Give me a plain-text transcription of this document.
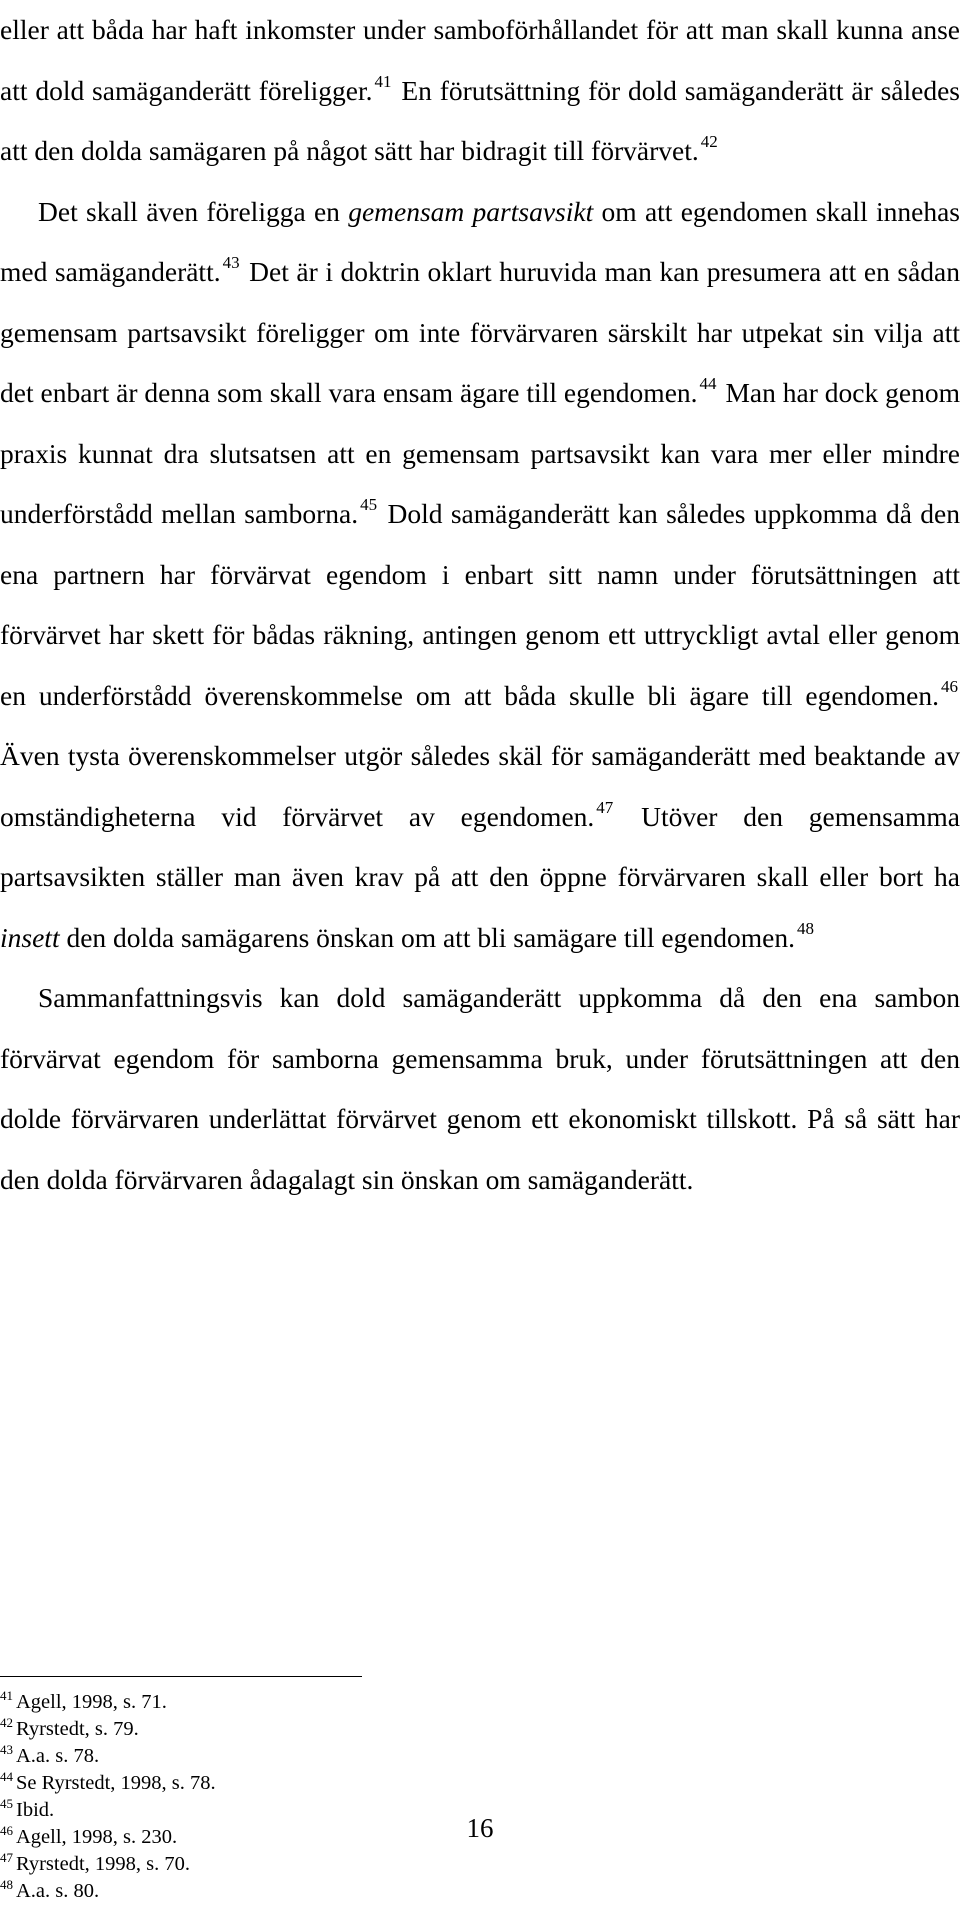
eller att båda har haft inkomster under samboförhållandet för att man skall kunna anse att dold samäganderätt föreligger. $^{41}$ En förutsättning för dold samäganderätt är således att den dolda samägaren på något sätt har bidragit till förvärvet. $^{42}$

Det skall även föreligga en gemensam partsavsikt om att egendomen skall innehas med samäganderätt. $^{43}$ Det är i doktrin oklart huruvida man kan presumera att en sådan gemensam partsavsikt föreligger om inte förvärvaren särskilt har utpekat sin vilja att det enbart är denna som skall vara ensam ägare till egendomen. $^{44}$ Man har dock genom praxis kunnat dra slutsatsen att en gemensam partsavsikt kan vara mer eller mindre underförstådd mellan samborna. $^{45}$ Dold samäganderätt kan således uppkomma då den ena partnern har förvärvat egendom i enbart sitt namn under förutsättningen att förvärvet har skett för bådas räkning, antingen genom ett uttryckligt avtal eller genom en underförstådd överenskommelse om att båda skulle bli ägare till egendomen. $^{46}$ Även tysta överenskommelser utgör således skäl för samäganderätt med beaktande av omständigheterna vid förvärvet av egendomen. $^{47}$ Utöver den gemensamma partsavsikten ställer man även krav på att den öppne förvärvaren skall eller bort ha insett den dolda samägarens önskan om att bli samägare till egendomen. $^{48}$

Sammanfattningsvis kan dold samäganderätt uppkomma då den ena sambon förvärvat egendom för samborna gemensamma bruk, under förutsättningen att den dolde förvärvaren underlättat förvärvet genom ett ekonomiskt tillskott. På så sätt har den dolda förvärvaren ådagalagt sin önskan om samäganderätt.

$^{41}$ Agell, 1998, s. 71.
$^{42}$ Ryrstedt, s. 79.
$^{43}$ A.a. s. 78.
$^{44}$ Se Ryrstedt, 1998, s. 78.
$^{45}$ Ibid.
$^{46}$ Agell, 1998, s. 230.
$^{47}$ Ryrstedt, 1998, s. 70.
$^{48}$ A.a. s. 80.
16
